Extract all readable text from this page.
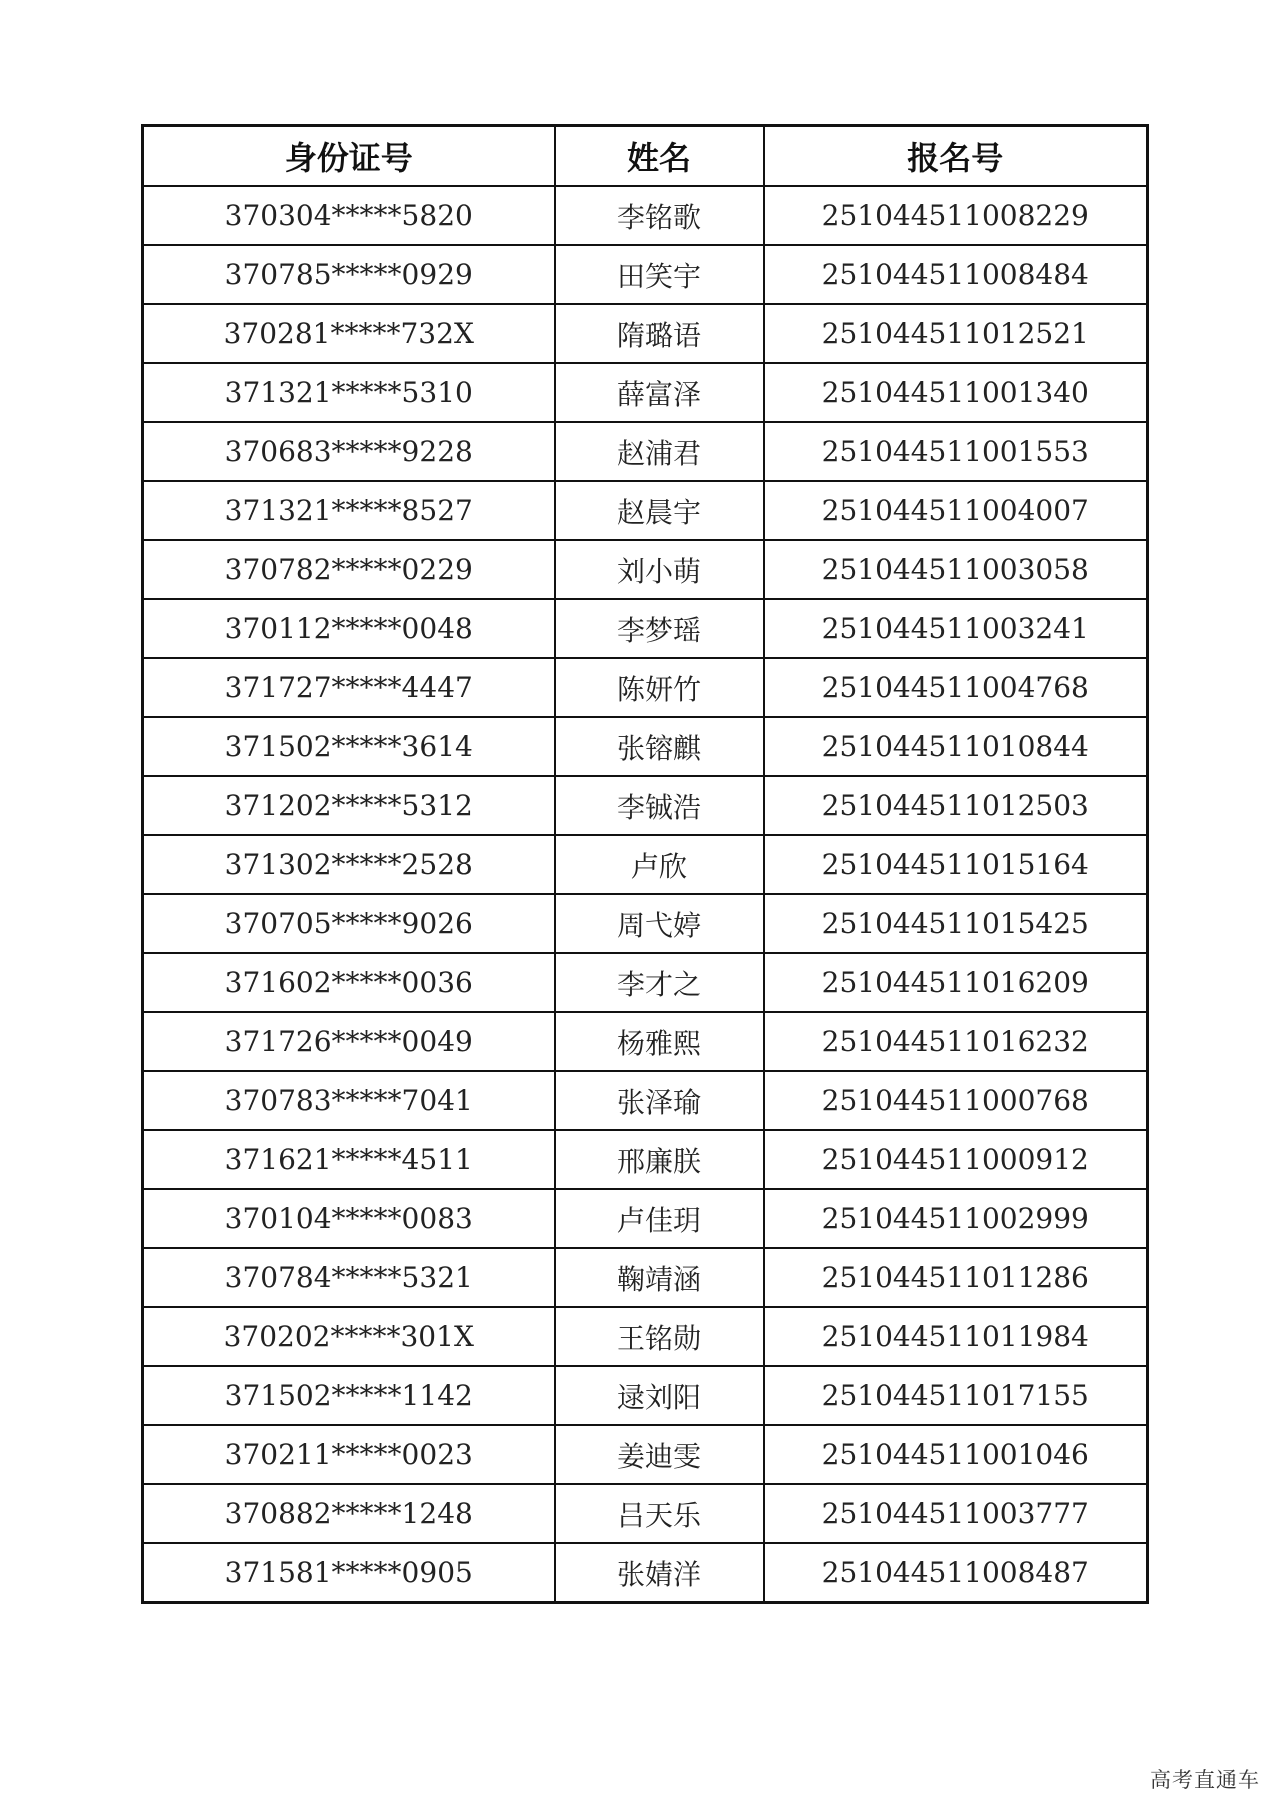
身份证号	姓名	报名号
370304*****5820	李铭歌	251044511008229
370785*****0929	田笑宇	251044511008484
370281*****732X	隋璐语	251044511012521
371321*****5310	薛富泽	251044511001340
370683*****9228	赵浦君	251044511001553
371321*****8527	赵晨宇	251044511004007
370782*****0229	刘小萌	251044511003058
370112*****0048	李梦瑶	251044511003241
371727*****4447	陈妍竹	251044511004768
371502*****3614	张镕麒	251044511010844
371202*****5312	李铖浩	251044511012503
371302*****2528	卢欣	251044511015164
370705*****9026	周弋婷	251044511015425
371602*****0036	李才之	251044511016209
371726*****0049	杨雅熙	251044511016232
370783*****7041	张泽瑜	251044511000768
371621*****4511	邢廉朕	251044511000912
370104*****0083	卢佳玥	251044511002999
370784*****5321	鞠靖涵	251044511011286
370202*****301X	王铭勋	251044511011984
371502*****1142	逯刘阳	251044511017155
370211*****0023	姜迪雯	251044511001046
370882*****1248	吕天乐	251044511003777
371581*****0905	张婧洋	251044511008487
高考直通车
